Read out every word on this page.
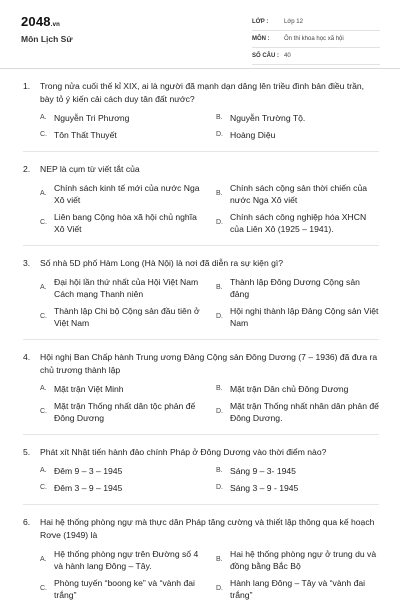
2048.vn
Môn Lịch Sử
LỚP :	Lớp 12
MÔN :	Ôn thi khoa học xã hội
SỐ CÂU : 40
1.	Trong nửa cuối thế kỉ XIX, ai là người đã mạnh dạn dâng lên triều đình bản điều trần, bày tỏ ý kiến cải cách duy tân đất nước?
A. Nguyễn Tri Phương	B. Nguyễn Trường Tộ.
C. Tôn Thất Thuyết	D. Hoàng Diệu
2.	NEP là cụm từ viết tắt của
A.
Chính sách kinh tế mới của nước Nga Xô viết
B.
Chính sách cộng sản thời chiến của nước Nga Xô viết
C.
Liên bang Cộng hòa xã hội chủ nghĩa Xô Viết
D.
Chính sách công nghiệp hóa XHCN của Liên Xô (1925 – 1941).
3.	Số nhà 5D phố Hàm Long (Hà Nội) là nơi đã diễn ra sự kiện gì?
A.
Đại hội lần thứ nhất của Hội Việt Nam Cách mạng Thanh niên
B.
Thành lập Đông Dương Cộng sản đảng
C.
Thành lập Chi bộ Cộng sản đầu tiên ở Việt Nam
D.
Hội nghị thành lập Đảng Cộng sản Việt Nam
4.	Hội nghị Ban Chấp hành Trung ương Đảng Cộng sản Đông Dương (7 – 1936) đã đưa ra chủ trương thành lập
A. Mặt trận Việt Minh	B. Mặt trận Dân chủ Đông Dương
C.
Mặt trận Thống nhất dân tộc phản đế Đông Dương
D.
Mặt trận Thống nhất nhân dân phản đế Đông Dương.
5.	Phát xít Nhật tiến hành đảo chính Pháp ở Đông Dương vào thời điểm nào?
A. Đêm 9 – 3 – 1945	B. Sáng 9 – 3- 1945
C. Đêm 3 – 9 – 1945	D. Sáng 3 – 9 - 1945
6.	Hai hệ thống phòng ngự mà thực dân Pháp tăng cường và thiết lập thông qua kế hoạch Rơve (1949) là
A.
Hệ thống phòng ngự trên Đường số 4 và hành lang Đông – Tây.
B.
Hai hệ thống phòng ngự ở trung du và đồng bằng Bắc Bộ
C.
Phòng tuyến “boong ke” và “vành đai trắng”
D.
Hành lang Đông – Tây và “vành đai trắng”
